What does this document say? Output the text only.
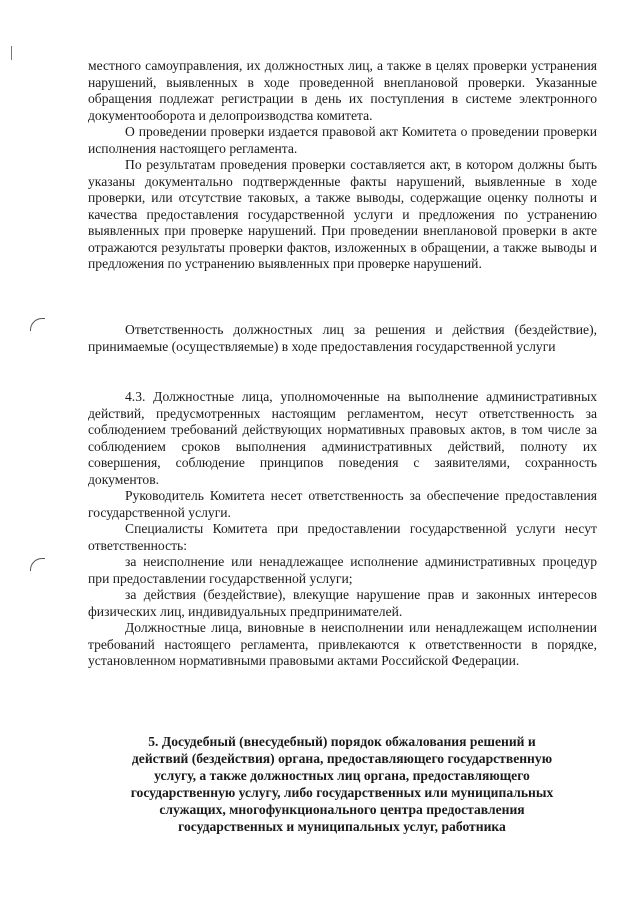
местного самоуправления, их должностных лиц, а также в целях проверки устранения нарушений, выявленных в ходе проведенной внеплановой проверки. Указанные обращения подлежат регистрации в день их поступления в системе электронного документооборота и делопроизводства комитета.

О проведении проверки издается правовой акт Комитета о проведении проверки исполнения настоящего регламента.

По результатам проведения проверки составляется акт, в котором должны быть указаны документально подтвержденные факты нарушений, выявленные в ходе проверки, или отсутствие таковых, а также выводы, содержащие оценку полноты и качества предоставления государственной услуги и предложения по устранению выявленных при проверке нарушений. При проведении внеплановой проверки в акте отражаются результаты проверки фактов, изложенных в обращении, а также выводы и предложения по устранению выявленных при проверке нарушений.

Ответственность должностных лиц за решения и действия (бездействие), принимаемые (осуществляемые) в ходе предоставления государственной услуги

4.3. Должностные лица, уполномоченные на выполнение административных действий, предусмотренных настоящим регламентом, несут ответственность за соблюдением требований действующих нормативных правовых актов, в том числе за соблюдением сроков выполнения административных действий, полноту их совершения, соблюдение принципов поведения с заявителями, сохранность документов.

Руководитель Комитета несет ответственность за обеспечение предоставления государственной услуги.

Специалисты Комитета при предоставлении государственной услуги несут ответственность:

за неисполнение или ненадлежащее исполнение административных процедур при предоставлении государственной услуги;

за действия (бездействие), влекущие нарушение прав и законных интересов физических лиц, индивидуальных предпринимателей.

Должностные лица, виновные в неисполнении или ненадлежащем исполнении требований настоящего регламента, привлекаются к ответственности в порядке, установленном нормативными правовыми актами Российской Федерации.

5. Досудебный (внесудебный) порядок обжалования решений и
действий (бездействия) органа, предоставляющего государственную
услугу, а также должностных лиц органа, предоставляющего
государственную услугу, либо государственных или муниципальных
служащих, многофункционального центра предоставления
государственных и муниципальных услуг, работника
